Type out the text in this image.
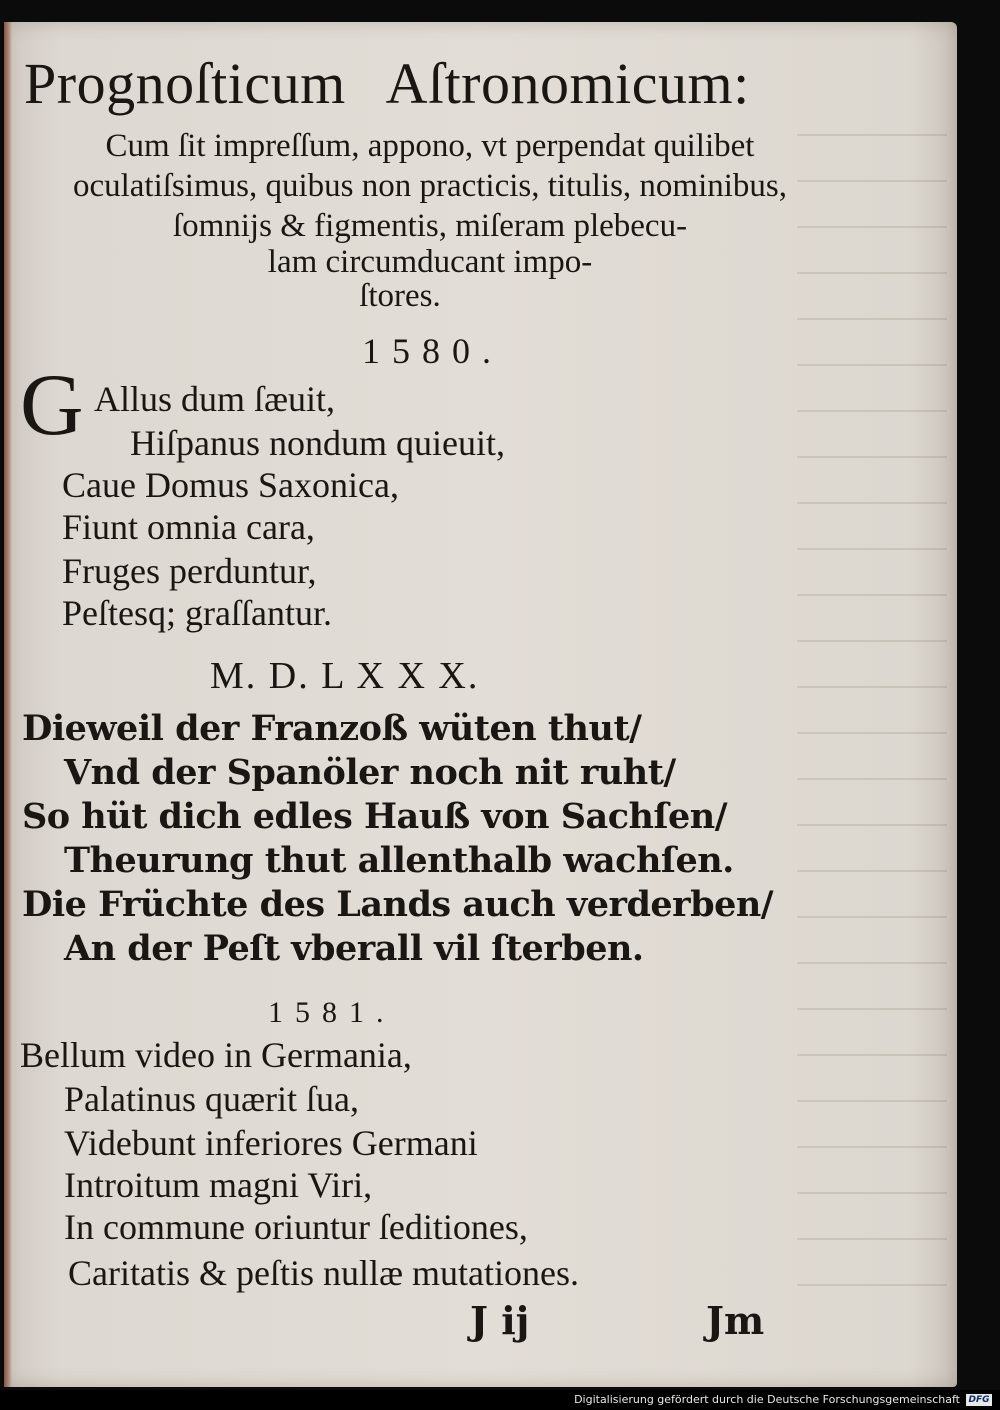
Prognoſticum Aſtronomicum:
Cum ſit impreſſum, appono, vt perpendat quilibet
oculatiſsimus, quibus non practicis, titulis, nominibus,
ſomnijs & figmentis, miſeram plebecu-
lam circumducant impo-
ſtores.
1580.
G Allus dum ſæuit,
Hiſpanus nondum quieuit,
Caue Domus Saxonica,
Fiunt omnia cara,
Fruges perduntur,
Peſtesq; graſſantur.
M. D. L X X X.
Dieweil der Franzoß wüten thut/
Vnd der Spanöler noch nit ruht/
So hüt dich edles Hauß von Sachſen/
Theurung thut allenthalb wachſen.
Die Früchte des Lands auch verderben/
An der Peſt vberall vil ſterben.
1581.
Bellum video in Germania,
Palatinus quærit ſua,
Videbunt inferiores Germani
Introitum magni Viri,
In commune oriuntur ſeditiones,
Caritatis & peſtis nullæ mutationes.
J ij	Jm
Digitalisierung gefördert durch die Deutsche Forschungsgemeinschaft DFG
